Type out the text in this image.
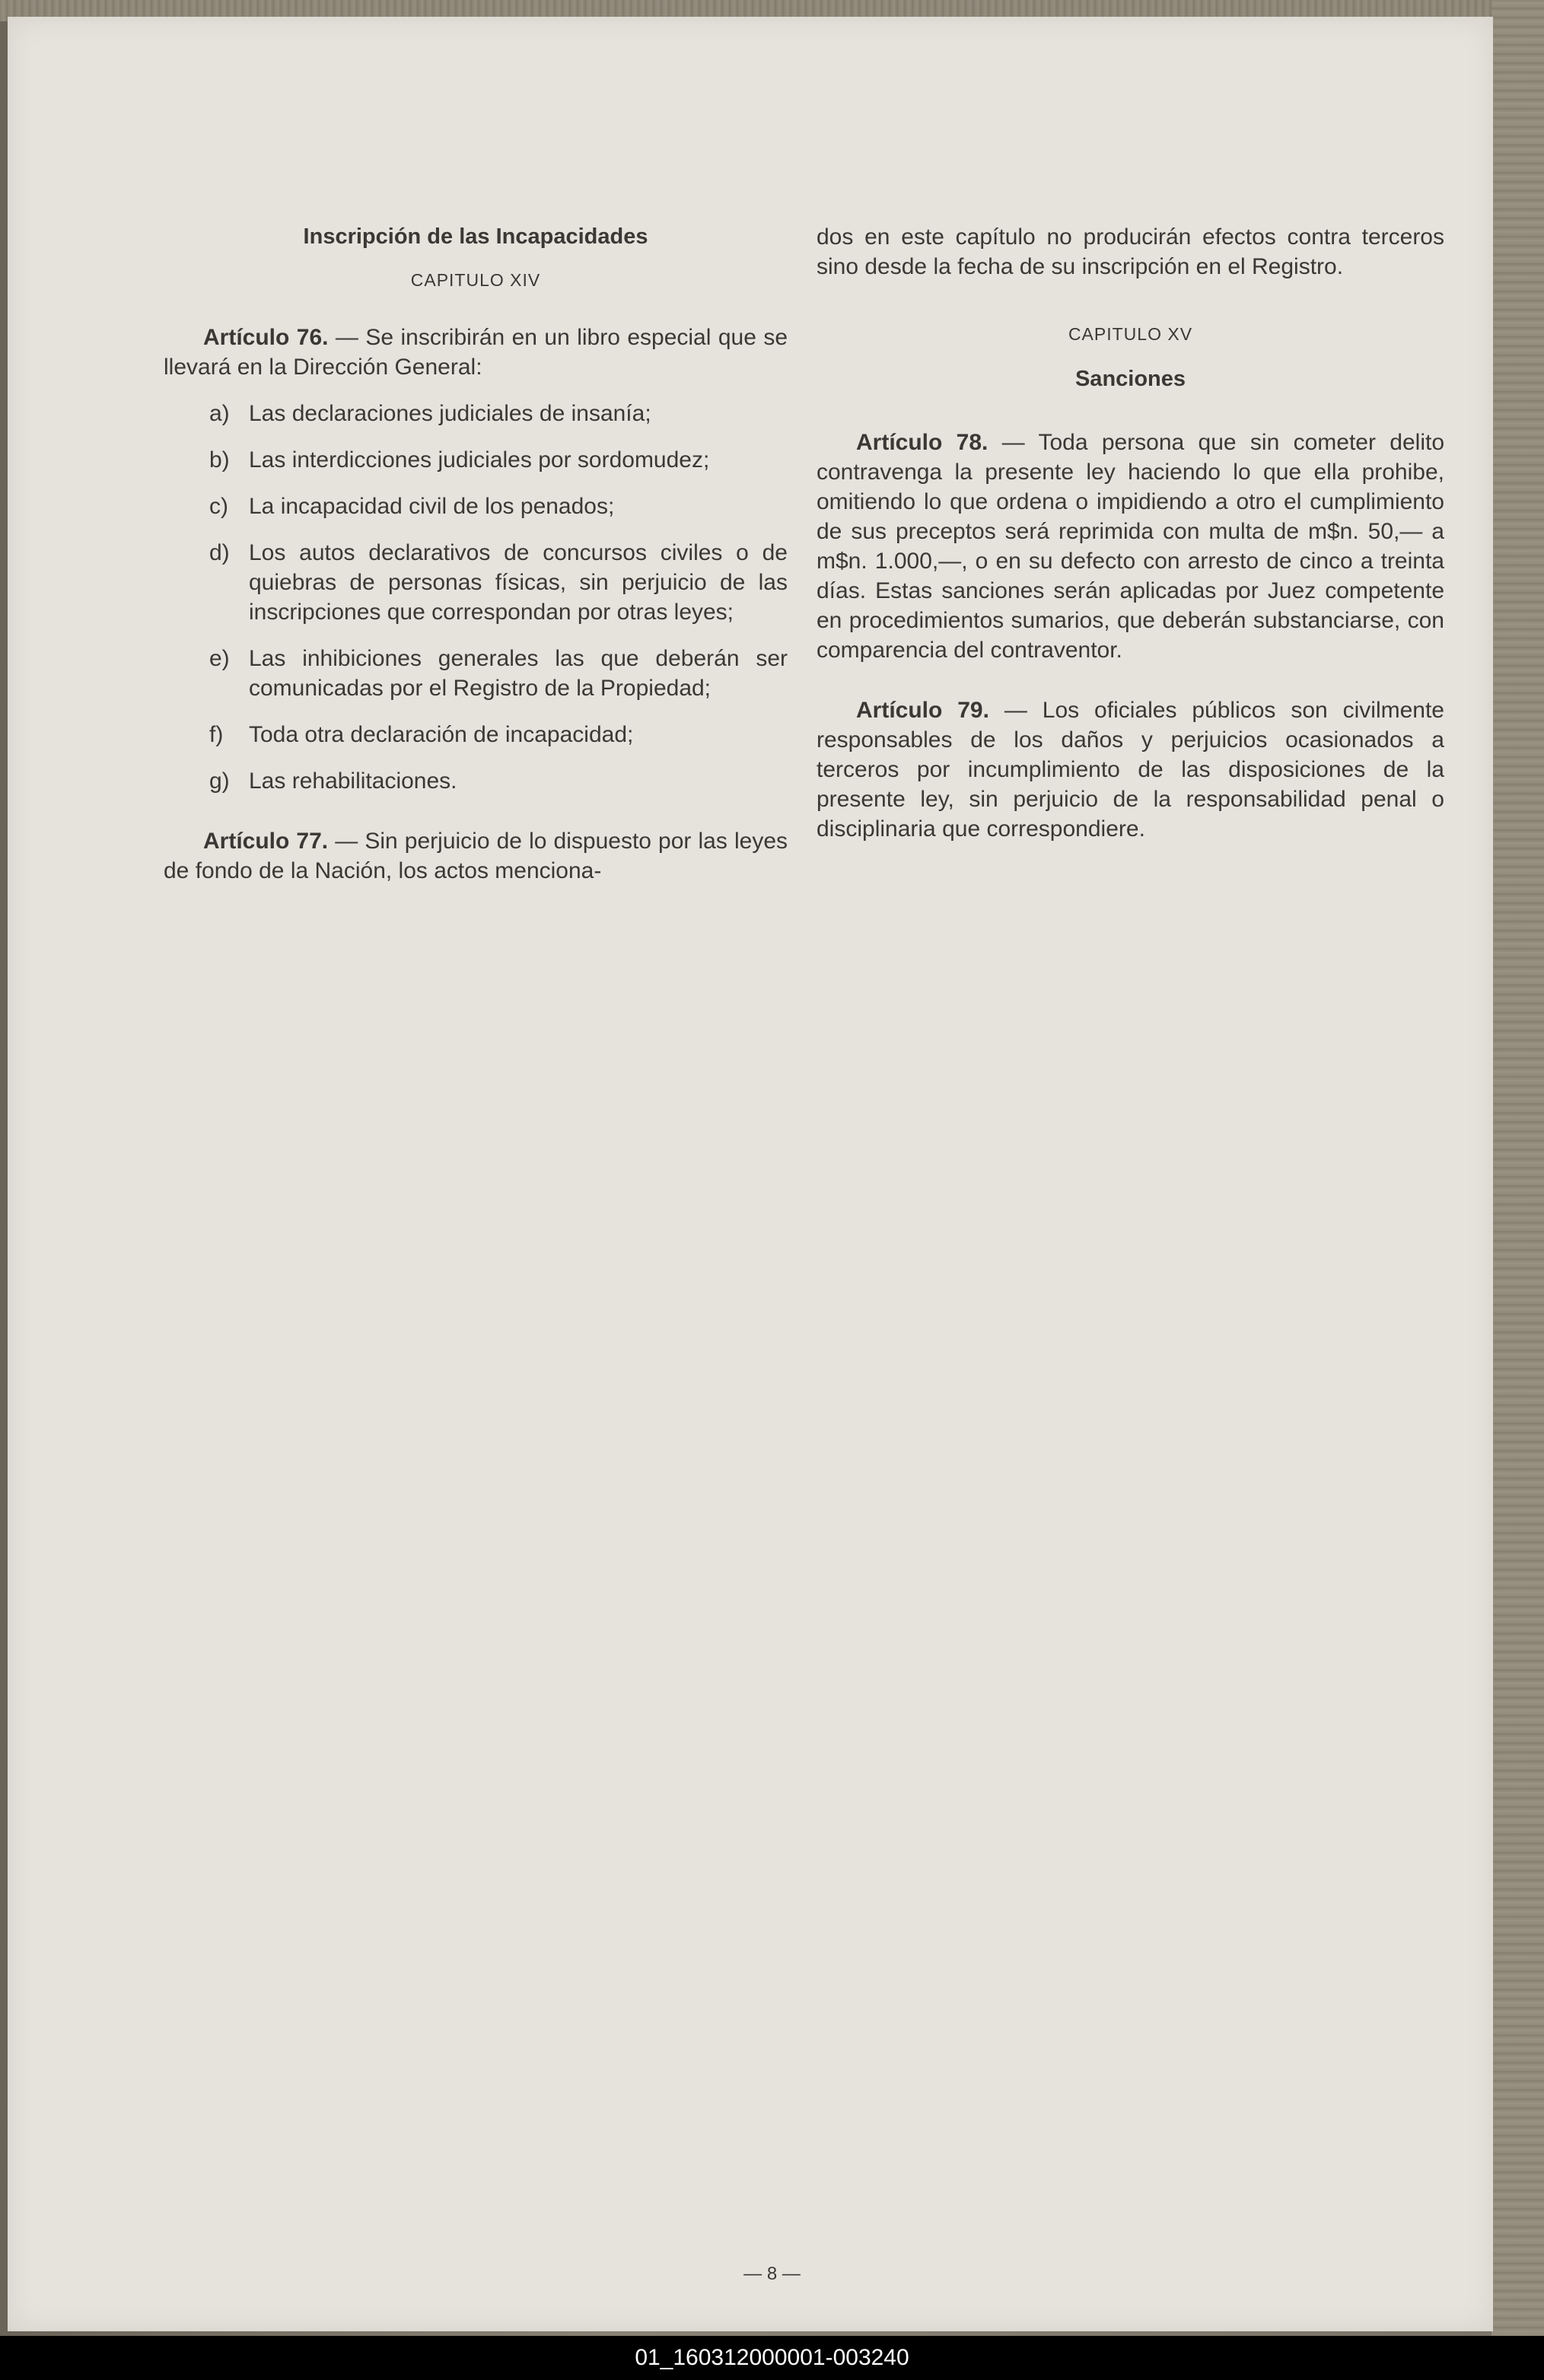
Inscripción de las Incapacidades

CAPITULO XIV

Artículo 76. — Se inscribirán en un libro especial que se llevará en la Dirección General:

a) Las declaraciones judiciales de insanía;

b) Las interdicciones judiciales por sordomudez;

c) La incapacidad civil de los penados;

d) Los autos declarativos de concursos civiles o de quiebras de personas físicas, sin perjuicio de las inscripciones que correspondan por otras leyes;

e) Las inhibiciones generales las que deberán ser comunicadas por el Registro de la Propiedad;

f)	Toda otra declaración de incapacidad;

g) Las rehabilitaciones.

Artículo 77. — Sin perjuicio de lo dispuesto por las leyes de fondo de la Nación, los actos menciona-

dos en este capítulo no producirán efectos contra terceros sino desde la fecha de su inscripción en el Registro.

CAPITULO XV

Sanciones

Artículo 78. — Toda persona que sin cometer delito contravenga la presente ley haciendo lo que ella prohibe, omitiendo lo que ordena o impidiendo a otro el cumplimiento de sus preceptos será reprimida con multa de m$n. 50,— a m$n. 1.000,—, o en su defecto con arresto de cinco a treinta días. Estas sanciones serán aplicadas por Juez competente en procedimientos sumarios, que deberán substanciarse, con comparencia del contraventor.

Artículo 79. — Los oficiales públicos son civilmente responsables de los daños y perjuicios ocasionados a terceros por incumplimiento de las disposiciones de la presente ley, sin perjuicio de la responsabilidad penal o disciplinaria que correspondiere.

— 8 —
01_160312000001-003240
